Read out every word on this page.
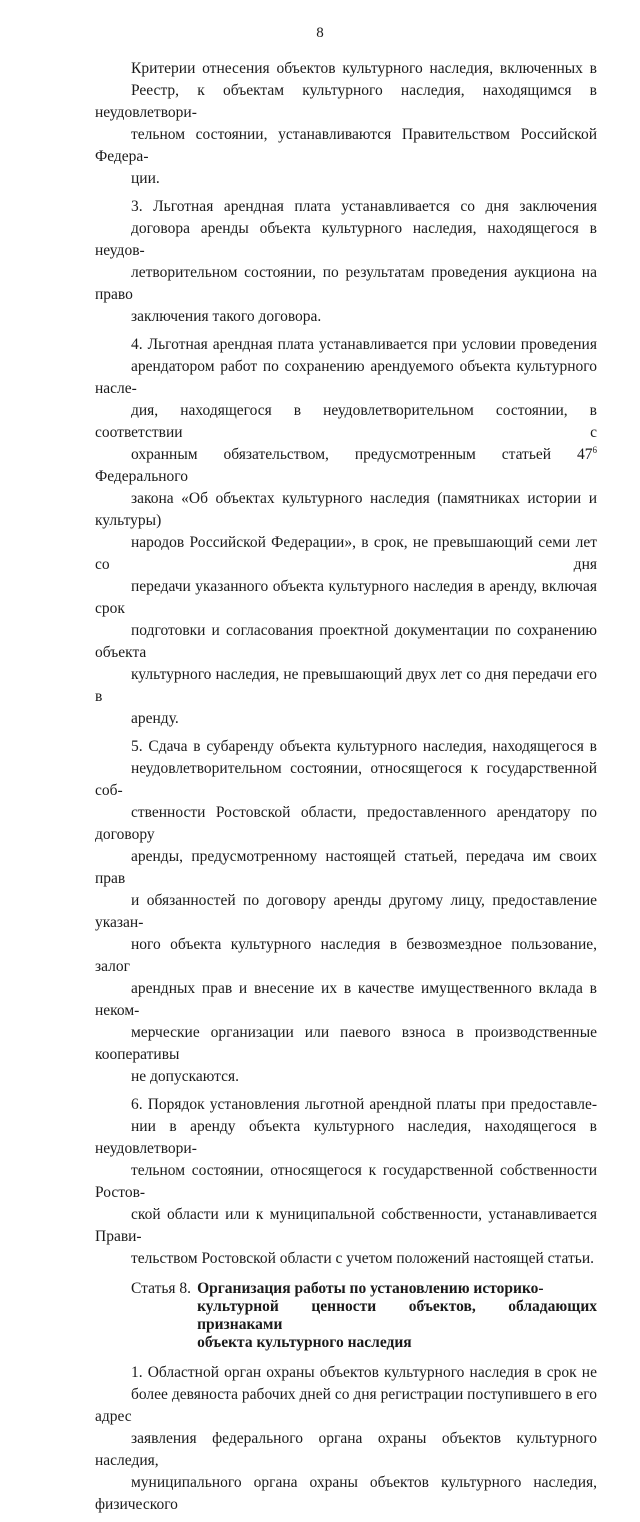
8

Критерии отнесения объектов культурного наследия, включенных в
Реестр, к объектам культурного наследия, находящимся в неудовлетвори-
тельном состоянии, устанавливаются Правительством Российской Федера-
ции.

3. Льготная арендная плата устанавливается со дня заключения
договора аренды объекта культурного наследия, находящегося в неудов-
летворительном состоянии, по результатам проведения аукциона на право
заключения такого договора.

4. Льготная арендная плата устанавливается при условии проведения
арендатором работ по сохранению арендуемого объекта культурного насле-
дия, находящегося в неудовлетворительном состоянии, в соответствии с
охранным обязательством, предусмотренным статьей $47^6$ Федерального
закона «Об объектах культурного наследия (памятниках истории и культуры)
народов Российской Федерации», в срок, не превышающий семи лет со дня
передачи указанного объекта культурного наследия в аренду, включая срок
подготовки и согласования проектной документации по сохранению объекта
культурного наследия, не превышающий двух лет со дня передачи его в
аренду.

5. Сдача в субаренду объекта культурного наследия, находящегося в
неудовлетворительном состоянии, относящегося к государственной соб-
ственности Ростовской области, предоставленного арендатору по договору
аренды, предусмотренному настоящей статьей, передача им своих прав
и обязанностей по договору аренды другому лицу, предоставление указан-
ного объекта культурного наследия в безвозмездное пользование, залог
арендных прав и внесение их в качестве имущественного вклада в неком-
мерческие организации или паевого взноса в производственные кооперативы
не допускаются.

6. Порядок установления льготной арендной платы при предоставле-
нии в аренду объекта культурного наследия, находящегося в неудовлетвори-
тельном состоянии, относящегося к государственной собственности Ростов-
ской области или к муниципальной собственности, устанавливается Прави-
тельством Ростовской области с учетом положений настоящей статьи.

Статья 8. Организация работы по установлению историко-
культурной ценности объектов, обладающих признаками
объекта культурного наследия

1. Областной орган охраны объектов культурного наследия в срок не
более девяноста рабочих дней со дня регистрации поступившего в его адрес
заявления федерального органа охраны объектов культурного наследия,
муниципального органа охраны объектов культурного наследия, физического
